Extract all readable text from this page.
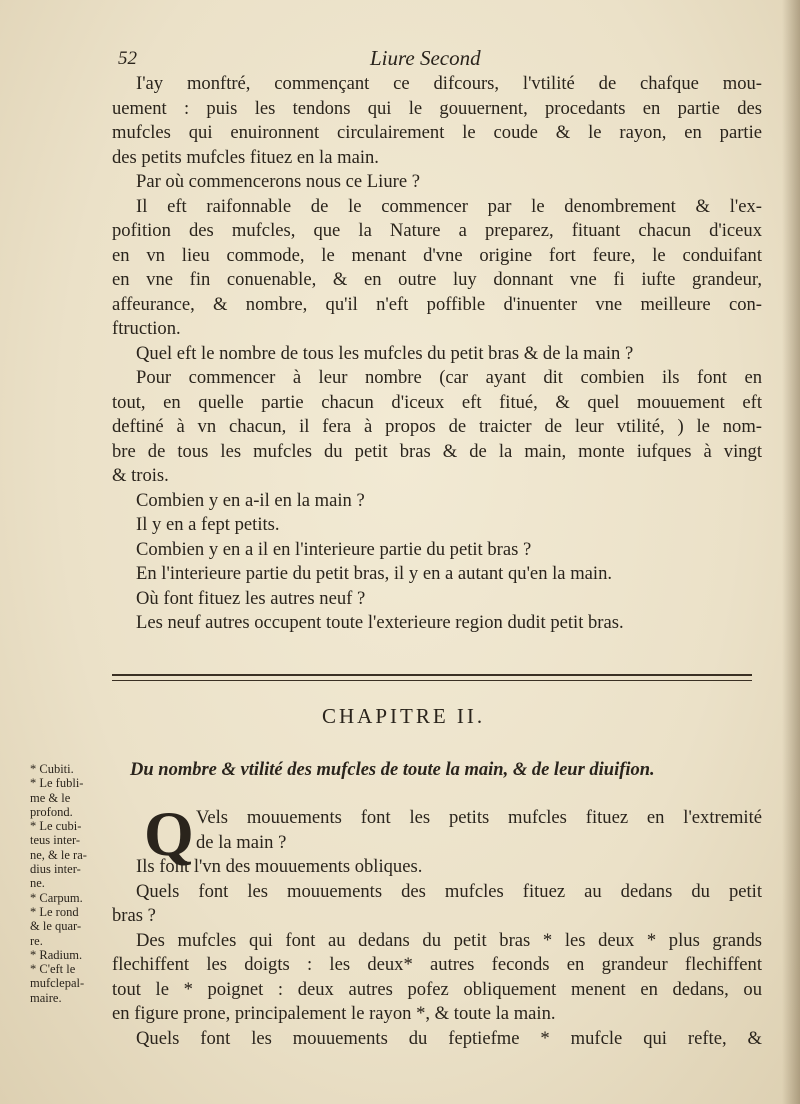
52	Liure Second
I'ay monftré, commençant ce difcours, l'vtilité de chafque mou-
uement : puis les tendons qui le gouuernent, procedants en partie des
mufcles qui enuironnent circulairement le coude & le rayon, en partie
des petits mufcles fituez en la main.
Par où commencerons nous ce Liure ?
Il eft raifonnable de le commencer par le denombrement & l'ex-
pofition des mufcles, que la Nature a preparez, fituant chacun d'iceux
en vn lieu commode, le menant d'vne origine fort feure, le conduifant
en vne fin conuenable, & en outre luy donnant vne fi iufte grandeur,
affeurance, & nombre, qu'il n'eft poffible d'inuenter vne meilleure con-
ftruction.
Quel eft le nombre de tous les mufcles du petit bras & de la main ?
Pour commencer à leur nombre (car ayant dit combien ils font en
tout, en quelle partie chacun d'iceux eft fitué, & quel mouuement eft
deftiné à vn chacun, il fera à propos de traicter de leur vtilité, ) le nom-
bre de tous les mufcles du petit bras & de la main, monte iufques à vingt
& trois.
Combien y en a-il en la main ?
Il y en a fept petits.
Combien y en a il en l'interieure partie du petit bras ?
En l'interieure partie du petit bras, il y en a autant qu'en la main.
Où font fituez les autres neuf ?
Les neuf autres occupent toute l'exterieure region dudit petit bras.
CHAPITRE II.
Du nombre & vtilité des mufcles de toute la main, & de leur diuifion.
* Cubiti.
* Le fubli-
me & le
profond.
* Le cubi-
teus inter-
ne, & le ra-
dius inter-
ne.
* Carpum.
* Le rond
& le quar-
re.
* Radium.
* C'eft le
mufclepal-
maire.
Q Vels mouuements font les petits mufcles fituez en l'extremité
de la main ?
Ils font l'vn des mouuements obliques.
Quels font les mouuements des mufcles fituez au dedans du petit
bras ?
Des mufcles qui font au dedans du petit bras * les deux * plus grands
flechiffent les doigts : les deux* autres feconds en grandeur flechiffent
tout le * poignet : deux autres pofez obliquement menent en dedans, ou
en figure prone, principalement le rayon *, & toute la main.
Quels font les mouuements du feptiefme * mufcle qui refte, &
